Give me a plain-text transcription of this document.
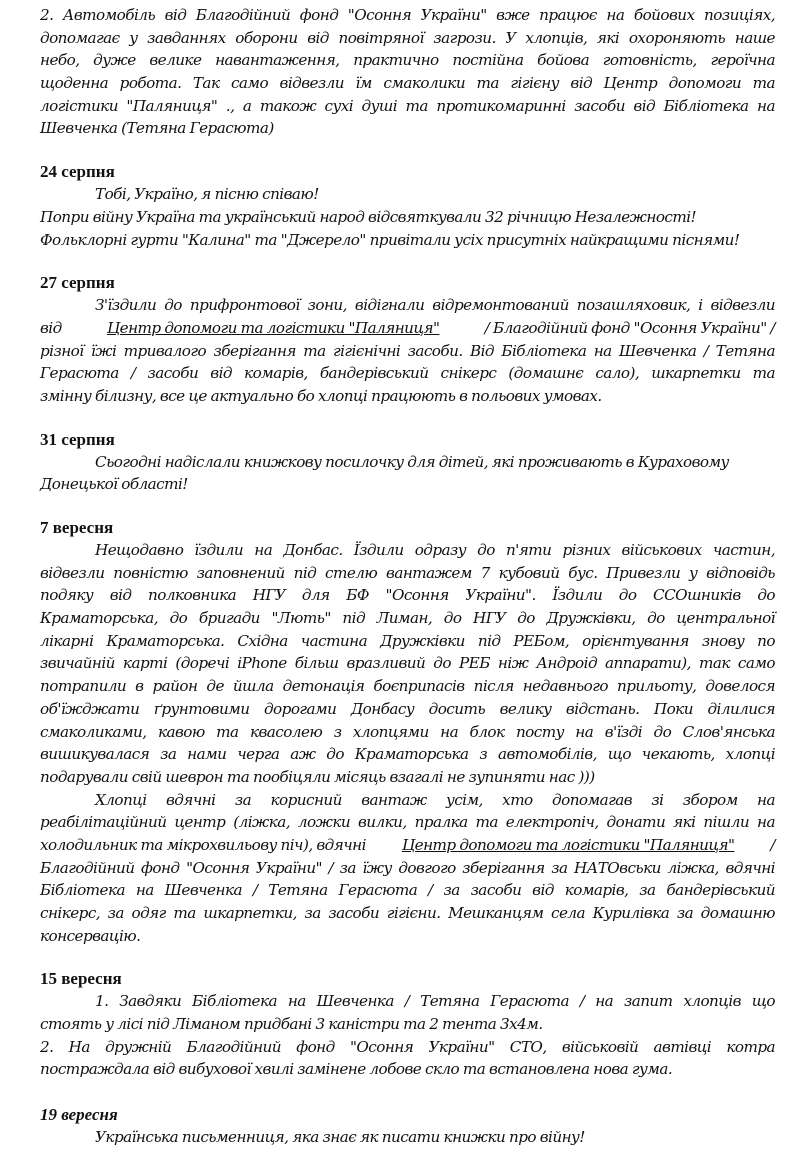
2. Автомобіль від Благодійний фонд "Осоння України" вже працює на бойових позиціях,
допомагає у завданнях оборони від повітряної загрози. У хлопців, які охороняють наше
небо, дуже велике навантаження, практично постійна бойова готовність, героїчна
щоденна робота. Так само відвезли їм смаколики та гігієну від Центр допомоги та
логістики "Паляниця" ., а також сухі душі та протикомаринні засоби від Бібліотека на
Шевченка (Тетяна Герасюта)
24 серпня
Тобі, Україно, я пісню співаю!
Попри війну Україна та український народ відсвяткували 32 річницю Незалежності!
Фольклорні гурти "Калина" та "Джерело" привітали усіх присутніх найкращими піснями!
27 серпня
З'їздили до прифронтової зони, відігнали відремонтований позашляховик, і відвезли
від	Центр допомоги та логістики "Паляниця"	/ Благодійний фонд "Осоння України" /
різної їжі тривалого зберігання та гігієнічні засоби. Від Бібліотека на Шевченка / Тетяна
Герасюта / засоби від комарів, бандерівський снікерс (домашнє сало), шкарпетки та
змінну білизну, все це актуально бо хлопці працюють в польових умовах.
31 серпня
Сьогодні надіслали книжкову посилочку для дітей, які проживають в Кураховому
Донецької області!
7 вересня
Нещодавно їздили на Донбас. Їздили одразу до п'яти різних військових частин,
відвезли повністю заповнений під стелю вантажем 7 кубовий бус. Привезли у відповідь
подяку від полковника НГУ для БФ "Осоння України". Їздили до ССОшників до
Краматорська, до бригади "Лють" під Лиман, до НГУ до Дружківки, до центральної
лікарні Краматорська. Східна частина Дружківки під РЕБом, орієнтування знову по
звичайній карті (доречі iPhone більш вразливий до РЕБ ніж Андроід аппарати), так само
потрапили в район де йшла детонація боєприпасів після недавнього прильоту, довелося
об'їжджати ґрунтовими дорогами Донбасу досить велику відстань. Поки ділилися
смаколиками, кавою та квасолею з хлопцями на блок посту на в'їзді до Слов'янська
вишикувалася за нами черга аж до Краматорська з автомобілів, що чекають, хлопці
подарували свій шеврон та пообіцяли місяць взагалі не зупиняти нас )))
Хлопці вдячні за корисний вантаж усім, хто допомагав зі збором на
реабілітаційний центр (ліжка, ложки вилки, пралка та електропіч, донати які пішли на
холодильник та мікрохвильову піч), вдячні Центр допомоги та логістики "Паляниця" /
Благодійний фонд "Осоння України" / за їжу довгого зберігання за НАТОвськи ліжка, вдячні
Бібліотека на Шевченка / Тетяна Герасюта / за засоби від комарів, за бандерівський
снікерс, за одяг та шкарпетки, за засоби гігієни. Мешканцям села Курилівка за домашню
консервацію.
15 вересня
1. Завдяки Бібліотека на Шевченка / Тетяна Герасюта / на запит хлопців що
стоять у лісі під Ліманом придбані 3 каністри та 2 тента 3х4м.
2. На дружній Благодійний фонд "Осоння України" СТО, військовій автівці котра
постраждала від вибухової хвилі замінене лобове скло та встановлена нова гума.
19 вересня
Українська письменниця, яка знає як писати книжки про війну!
